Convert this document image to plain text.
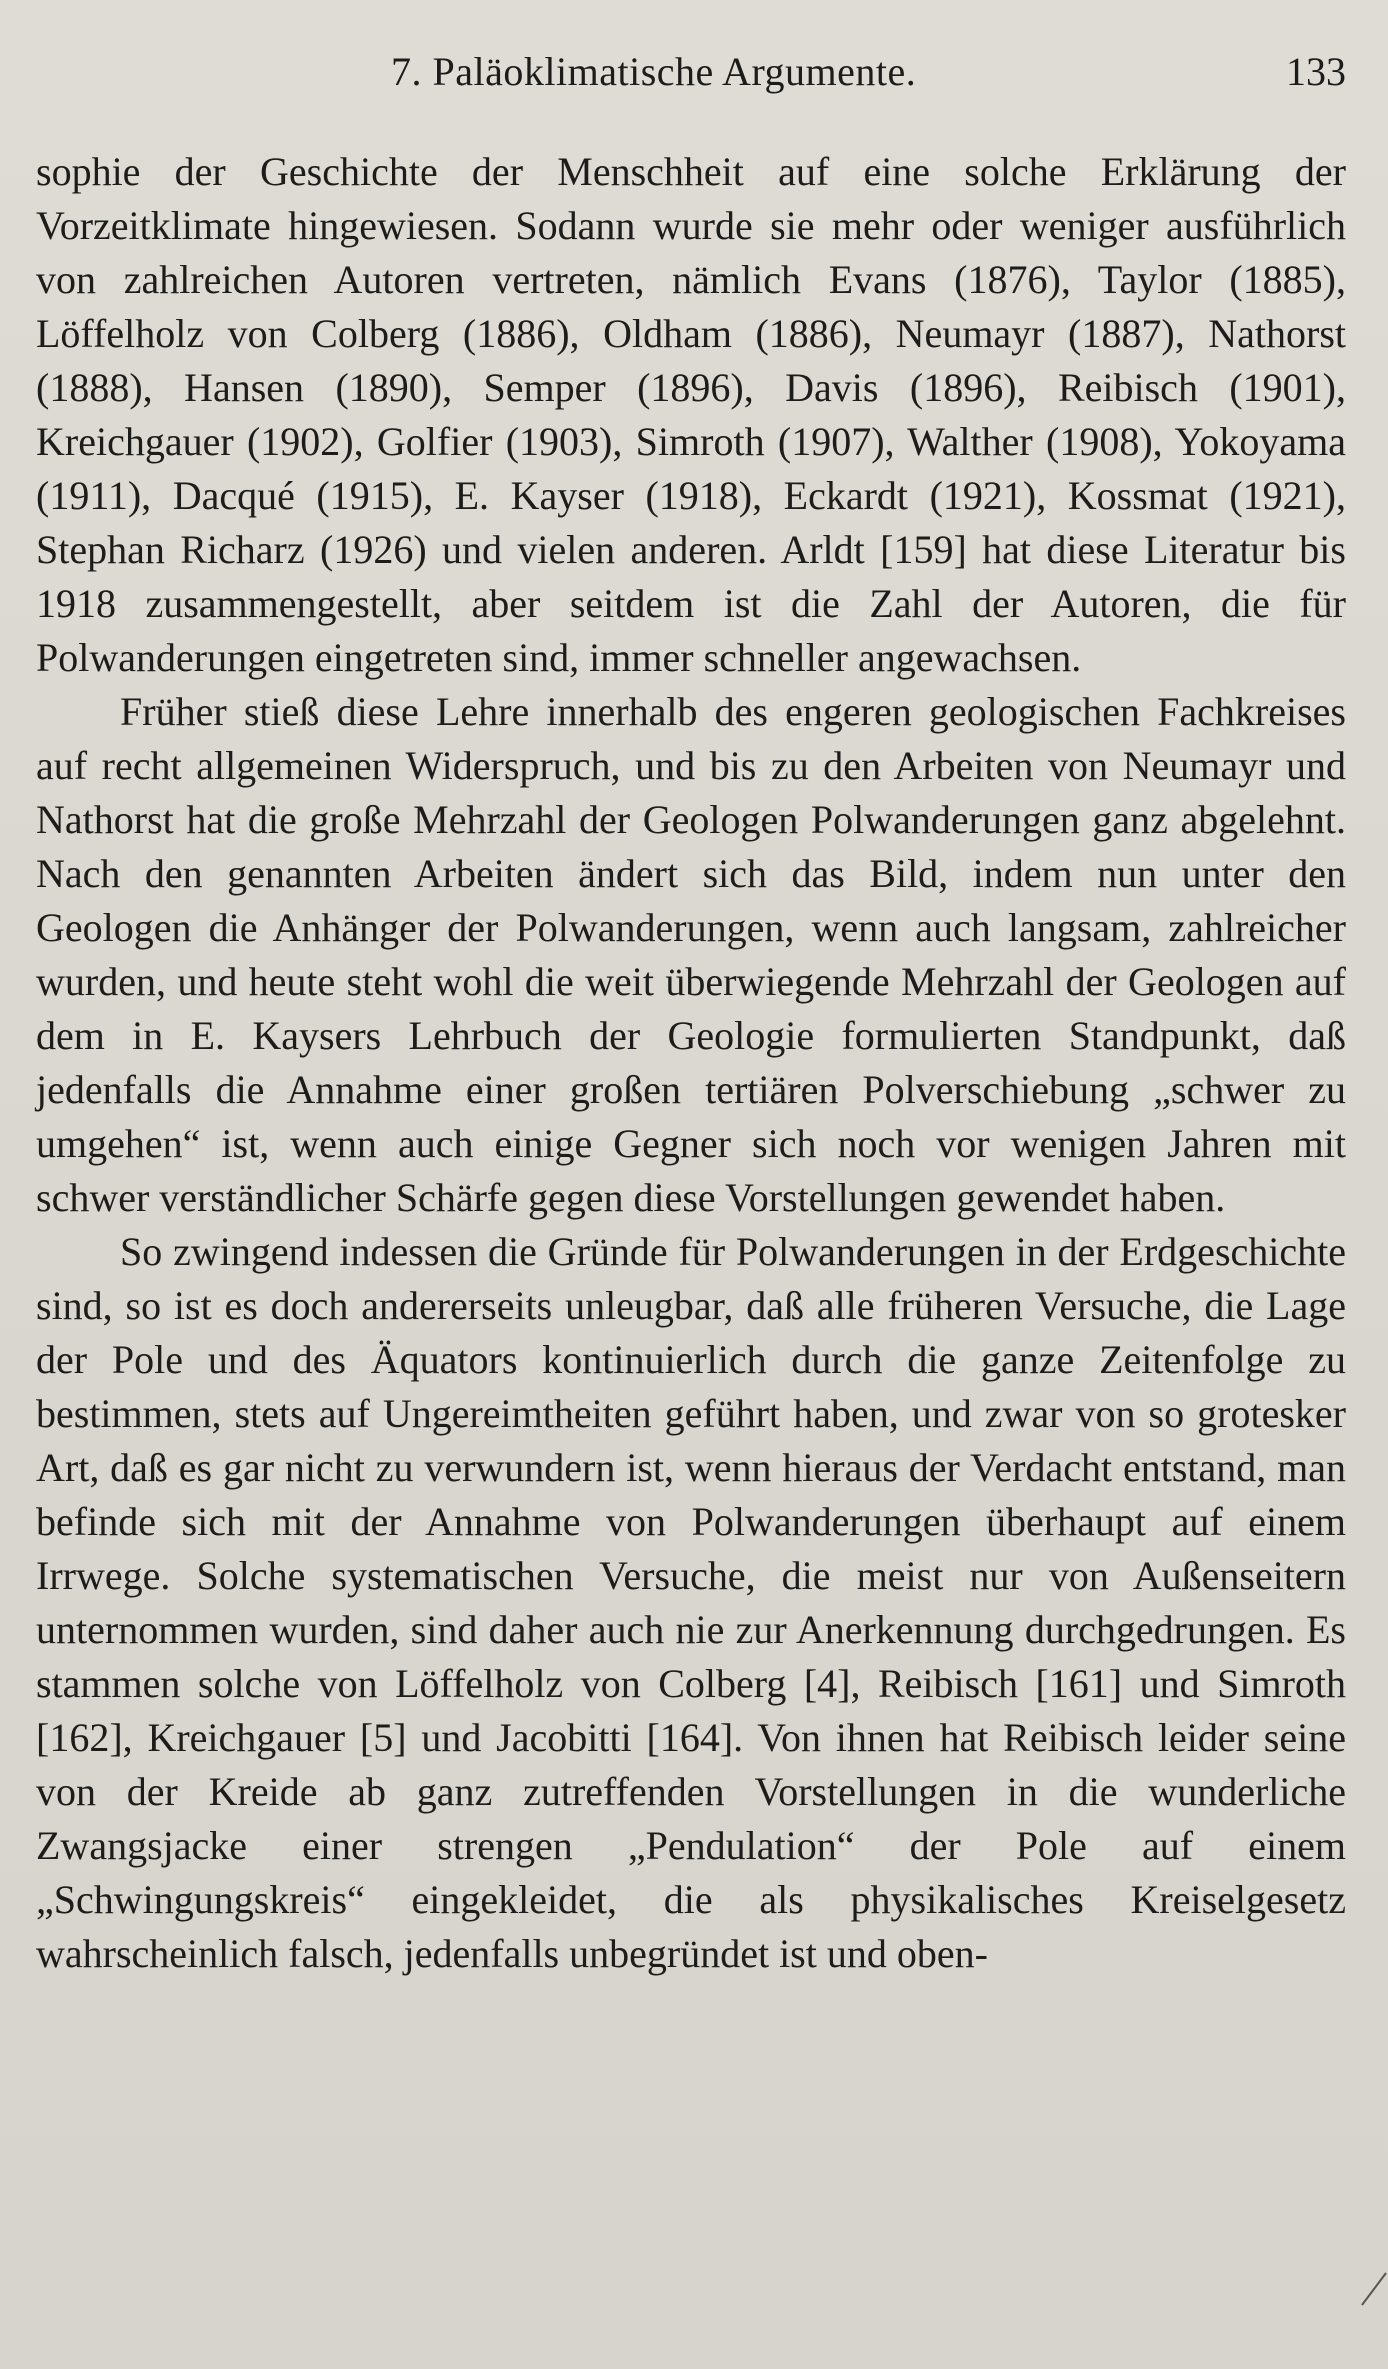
7. Paläoklimatische Argumente.	133

sophie der Geschichte der Menschheit auf eine solche Erklärung der Vorzeitklimate hingewiesen. Sodann wurde sie mehr oder weniger ausführlich von zahlreichen Autoren vertreten, nämlich Evans (1876), Taylor (1885), Löffelholz von Colberg (1886), Oldham (1886), Neumayr (1887), Nathorst (1888), Hansen (1890), Semper (1896), Davis (1896), Reibisch (1901), Kreichgauer (1902), Golfier (1903), Simroth (1907), Walther (1908), Yokoyama (1911), Dacqué (1915), E. Kayser (1918), Eckardt (1921), Kossmat (1921), Stephan Richarz (1926) und vielen anderen. Arldt [159] hat diese Literatur bis 1918 zusammengestellt, aber seitdem ist die Zahl der Autoren, die für Polwanderungen eingetreten sind, immer schneller angewachsen.

Früher stieß diese Lehre innerhalb des engeren geologischen Fachkreises auf recht allgemeinen Widerspruch, und bis zu den Arbeiten von Neumayr und Nathorst hat die große Mehrzahl der Geologen Polwanderungen ganz abgelehnt. Nach den genannten Arbeiten ändert sich das Bild, indem nun unter den Geologen die Anhänger der Polwanderungen, wenn auch langsam, zahlreicher wurden, und heute steht wohl die weit überwiegende Mehrzahl der Geologen auf dem in E. Kaysers Lehrbuch der Geologie formulierten Standpunkt, daß jedenfalls die Annahme einer großen tertiären Polverschiebung „schwer zu umgehen“ ist, wenn auch einige Gegner sich noch vor wenigen Jahren mit schwer verständlicher Schärfe gegen diese Vorstellungen gewendet haben.

So zwingend indessen die Gründe für Polwanderungen in der Erdgeschichte sind, so ist es doch andererseits unleugbar, daß alle früheren Versuche, die Lage der Pole und des Äquators kontinuierlich durch die ganze Zeitenfolge zu bestimmen, stets auf Ungereimtheiten geführt haben, und zwar von so grotesker Art, daß es gar nicht zu verwundern ist, wenn hieraus der Verdacht entstand, man befinde sich mit der Annahme von Polwanderungen überhaupt auf einem Irrwege. Solche systematischen Versuche, die meist nur von Außenseitern unternommen wurden, sind daher auch nie zur Anerkennung durchgedrungen. Es stammen solche von Löffelholz von Colberg [4], Reibisch [161] und Simroth [162], Kreichgauer [5] und Jacobitti [164]. Von ihnen hat Reibisch leider seine von der Kreide ab ganz zutreffenden Vorstellungen in die wunderliche Zwangsjacke einer strengen „Pendulation“ der Pole auf einem „Schwingungskreis“ eingekleidet, die als physikalisches Kreiselgesetz wahrscheinlich falsch, jedenfalls unbegründet ist und oben-
